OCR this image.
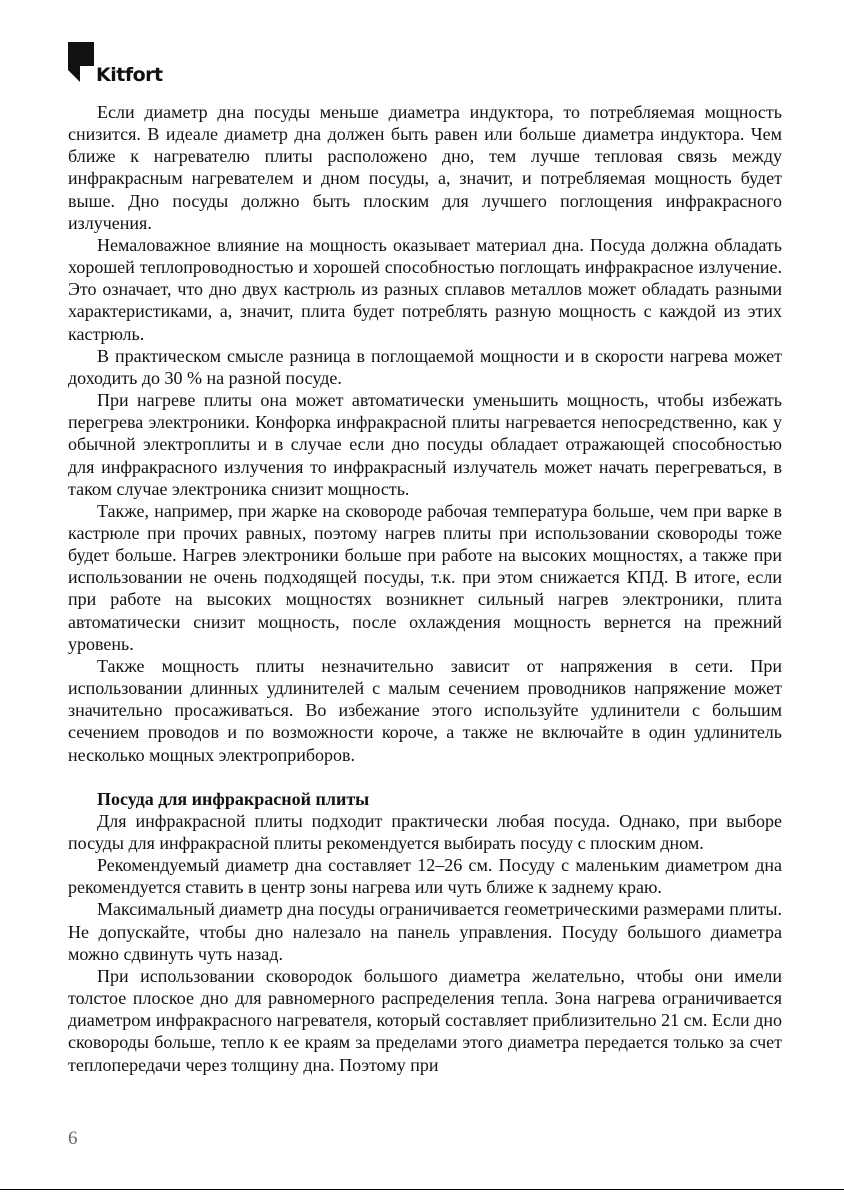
Kitfort

Если диаметр дна посуды меньше диаметра индуктора, то потребляемая мощность снизится. В идеале диаметр дна должен быть равен или больше диаметра индуктора. Чем ближе к нагревателю плиты расположено дно, тем лучше тепловая связь между инфракрасным нагревателем и дном посуды, а, значит, и потребляемая мощность будет выше. Дно посуды должно быть плоским для лучшего поглощения инфракрасного излучения.

Немаловажное влияние на мощность оказывает материал дна. Посуда должна обладать хорошей теплопроводностью и хорошей способностью поглощать инфракрасное излучение. Это означает, что дно двух кастрюль из разных сплавов металлов может обладать разными характеристиками, а, значит, плита будет потреблять разную мощность с каждой из этих кастрюль.

В практическом смысле разница в поглощаемой мощности и в скорости нагрева может доходить до 30 % на разной посуде.

При нагреве плиты она может автоматически уменьшить мощность, чтобы избежать перегрева электроники. Конфорка инфракрасной плиты нагревается непосредственно, как у обычной электроплиты и в случае если дно посуды обладает отражающей способностью для инфракрасного излучения то инфракрасный излучатель может начать перегреваться, в таком случае электроника снизит мощность.

Также, например, при жарке на сковороде рабочая температура больше, чем при варке в кастрюле при прочих равных, поэтому нагрев плиты при использовании сковороды тоже будет больше. Нагрев электроники больше при работе на высоких мощностях, а также при использовании не очень подходящей посуды, т.к. при этом снижается КПД. В итоге, если при работе на высоких мощностях возникнет сильный нагрев электроники, плита автоматически снизит мощность, после охлаждения мощность вернется на прежний уровень.

Также мощность плиты незначительно зависит от напряжения в сети. При использовании длинных удлинителей с малым сечением проводников напряжение может значительно просаживаться. Во избежание этого используйте удлинители с большим сечением проводов и по возможности короче, а также не включайте в один удлинитель несколько мощных электроприборов.

Посуда для инфракрасной плиты

Для инфракрасной плиты подходит практически любая посуда. Однако, при выборе посуды для инфракрасной плиты рекомендуется выбирать посуду с плоским дном.

Рекомендуемый диаметр дна составляет 12–26 см. Посуду с маленьким диаметром дна рекомендуется ставить в центр зоны нагрева или чуть ближе к заднему краю.

Максимальный диаметр дна посуды ограничивается геометрическими размерами плиты. Не допускайте, чтобы дно налезало на панель управления. Посуду большого диаметра можно сдвинуть чуть назад.

При использовании сковородок большого диаметра желательно, чтобы они имели толстое плоское дно для равномерного распределения тепла. Зона нагрева ограничивается диаметром инфракрасного нагревателя, который составляет приблизительно 21 см. Если дно сковороды больше, тепло к ее краям за пределами этого диаметра передается только за счет теплопередачи через толщину дна. Поэтому при

6
